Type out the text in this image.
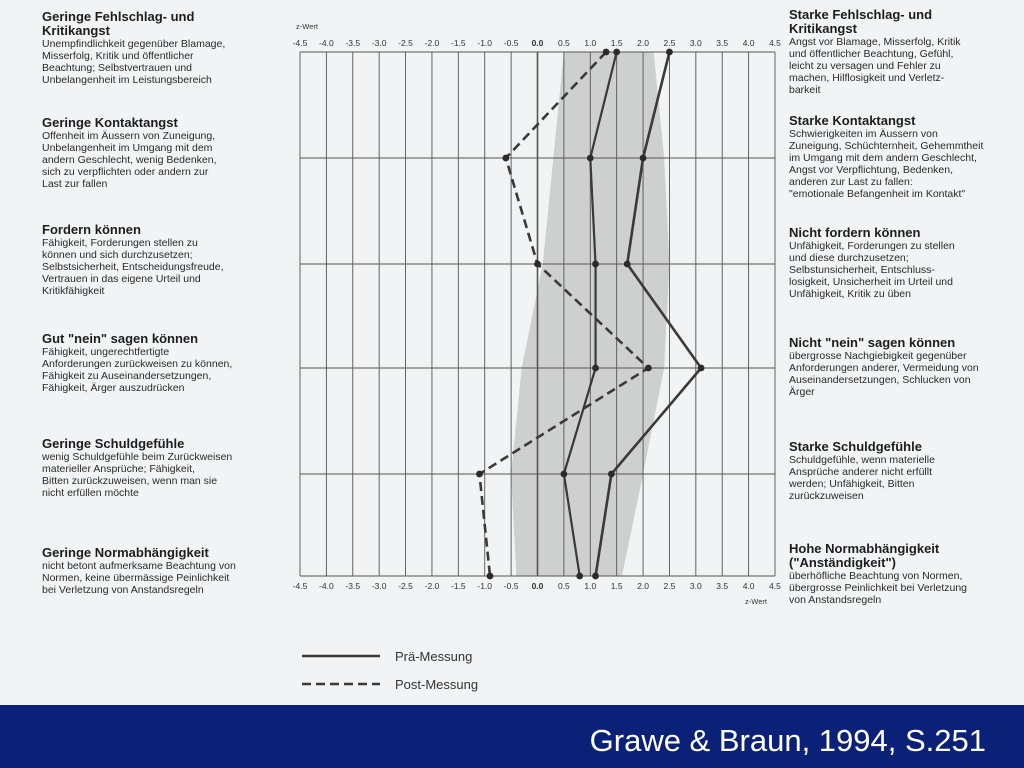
Geringe Fehlschlag- und
Kritikangst
Unempfindlichkeit gegenüber Blamage,
Misserfolg, Kritik und öffentlicher
Beachtung; Selbstvertrauen und
Unbelangenheit im Leistungsbereich
Starke Fehlschlag- und
Kritikangst
Angst vor Blamage, Misserfolg, Kritik
und öffentlicher Beachtung, Gefühl,
leicht zu versagen und Fehler zu
machen, Hilflosigkeit und Verletz-
barkeit
Geringe Kontaktangst
Offenheit im Äussern von Zuneigung,
Unbelangenheit im Umgang mit dem
andern Geschlecht, wenig Bedenken,
sich zu verpflichten oder andern zur
Last zur fallen
Starke Kontaktangst
Schwierigkeiten im Äussern von
Zuneigung, Schüchternheit, Gehemmtheit
im Umgang mit dem andern Geschlecht,
Angst vor Verpflichtung, Bedenken,
anderen zur Last zu fallen:
"emotionale Befangenheit im Kontakt"
Fordern können
Fähigkeit, Forderungen stellen zu
können und sich durchzusetzen;
Selbstsicherheit, Entscheidungsfreude,
Vertrauen in das eigene Urteil und
Kritikfähigkeit
Nicht fordern können
Unfähigkeit, Forderungen zu stellen
und diese durchzusetzen;
Selbstunsicherheit, Entschluss-
losigkeit, Unsicherheit im Urteil und
Unfähigkeit, Kritik zu üben
Gut "nein" sagen können
Fähigkeit, ungerechtfertigte
Anforderungen zurückweisen zu können,
Fähigkeit zu Auseinandersetzungen,
Fähigkeit, Ärger auszudrücken
Nicht "nein" sagen können
übergrosse Nachgiebigkeit gegenüber
Anforderungen anderer, Vermeidung von
Auseinandersetzungen, Schlucken von
Ärger
Geringe Schuldgefühle
wenig Schuldgefühle beim Zurückweisen
materieller Ansprüche; Fähigkeit,
Bitten zurückzuweisen, wenn man sie
nicht erfüllen möchte
Starke Schuldgefühle
Schuldgefühle, wenn materielle
Ansprüche anderer nicht erfüllt
werden; Unfähigkeit, Bitten
zurückzuweisen
Geringe Normabhängigkeit
nicht betont aufmerksame Beachtung von
Normen, keine übermässige Peinlichkeit
bei Verletzung von Anstandsregeln
Hohe Normabhängigkeit
("Anständigkeit")
überhöfliche Beachtung von Normen,
übergrosse Peinlichkeit bei Verletzung
von Anstandsregeln
-4.5
-4.5
-4.0
-4.0
-3.5
-3.5
-3.0
-3.0
-2.5
-2.5
-2.0
-2.0
-1.5
-1.5
-1.0
-1.0
-0.5
-0.5
0.0
0.0
0.5
0.5
1.0
1.0
1.5
1.5
2.0
2.0
2.5
2.5
3.0
3.0
3.5
3.5
4.0
4.0
4.5
4.5
z-Wert
z-Wert
Prä-Messung
Post-Messung
Grawe & Braun, 1994, S.251
